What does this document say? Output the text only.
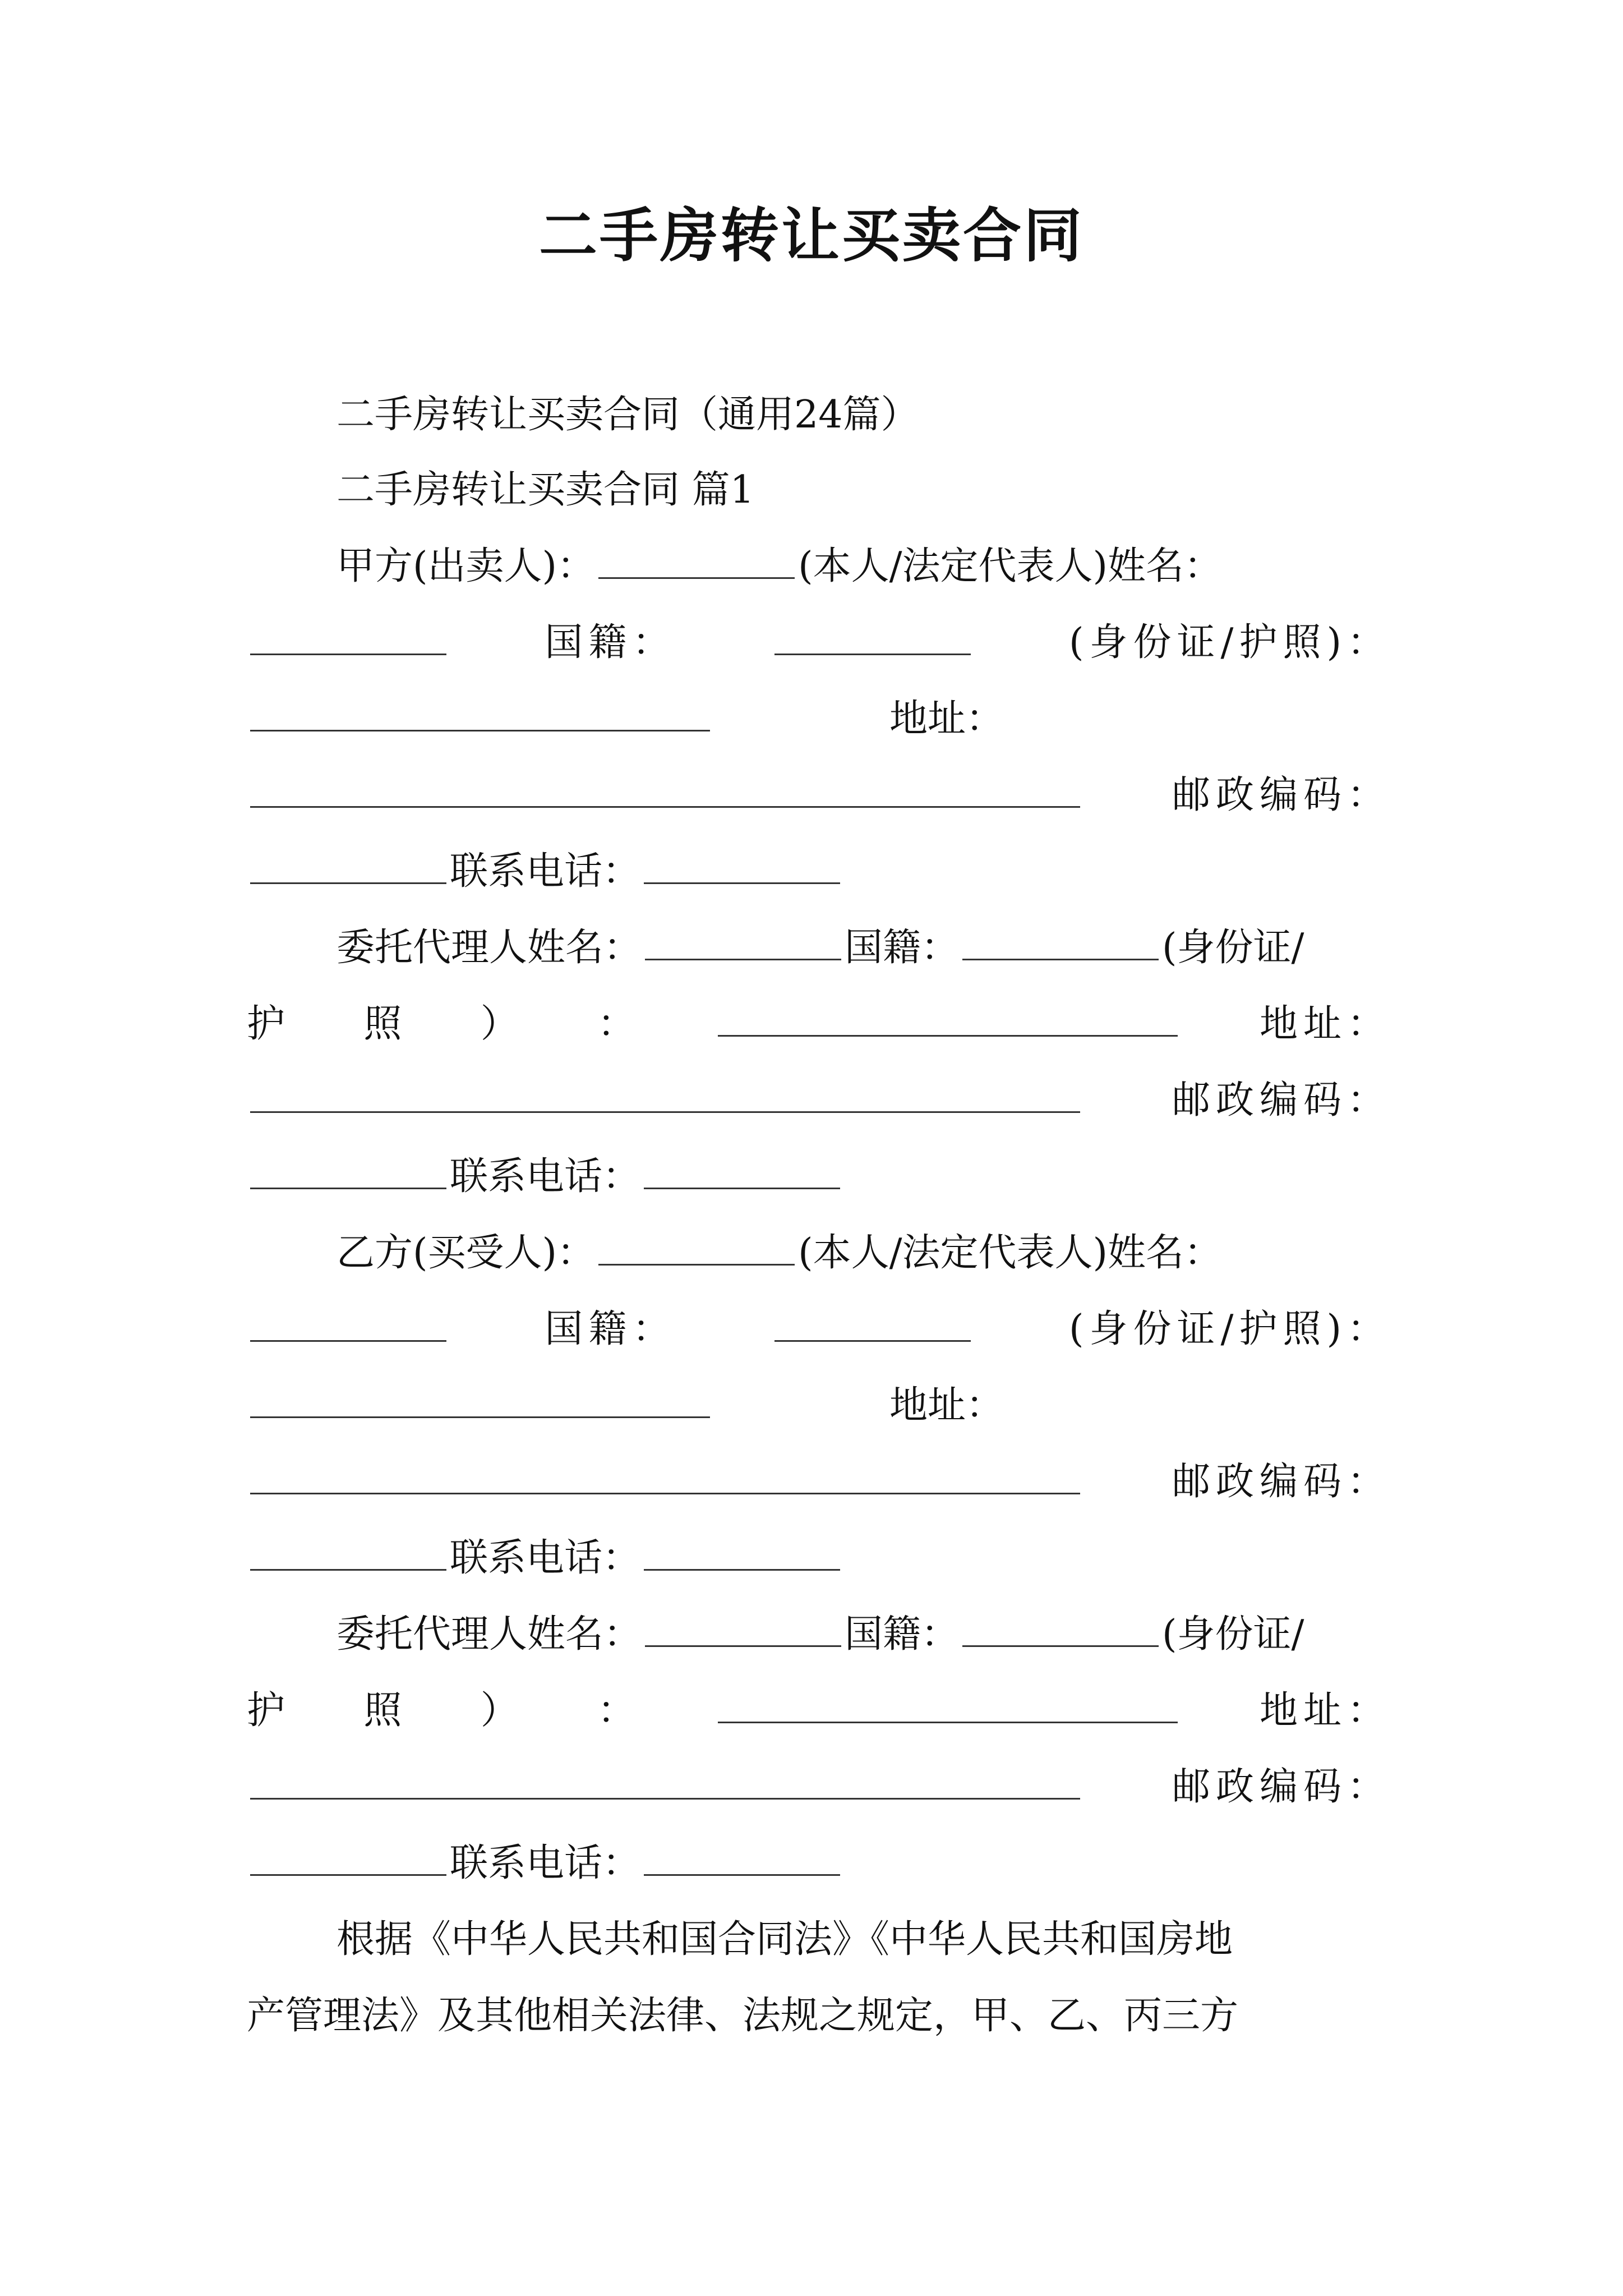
二手房转让买卖合同
二手房转让买卖合同（通用24篇）
二手房转让买卖合同 篇1
甲方(出卖人)：	(本人/法定代表人)姓名：
国籍：	(身份证/护照)：
地址：
邮政编码：
联系电话：
委托代理人姓名：	国籍：	(身份证/
护 照 ） ：	地址：
邮政编码：
联系电话：
乙方(买受人)：	(本人/法定代表人)姓名：
国籍：	(身份证/护照)：
地址：
邮政编码：
联系电话：
委托代理人姓名：	国籍：	(身份证/
护 照 ） ：	地址：
邮政编码：
联系电话：
根据《中华人民共和国合同法》《中华人民共和国房地
产管理法》及其他相关法律、法规之规定，甲、乙、丙三方
